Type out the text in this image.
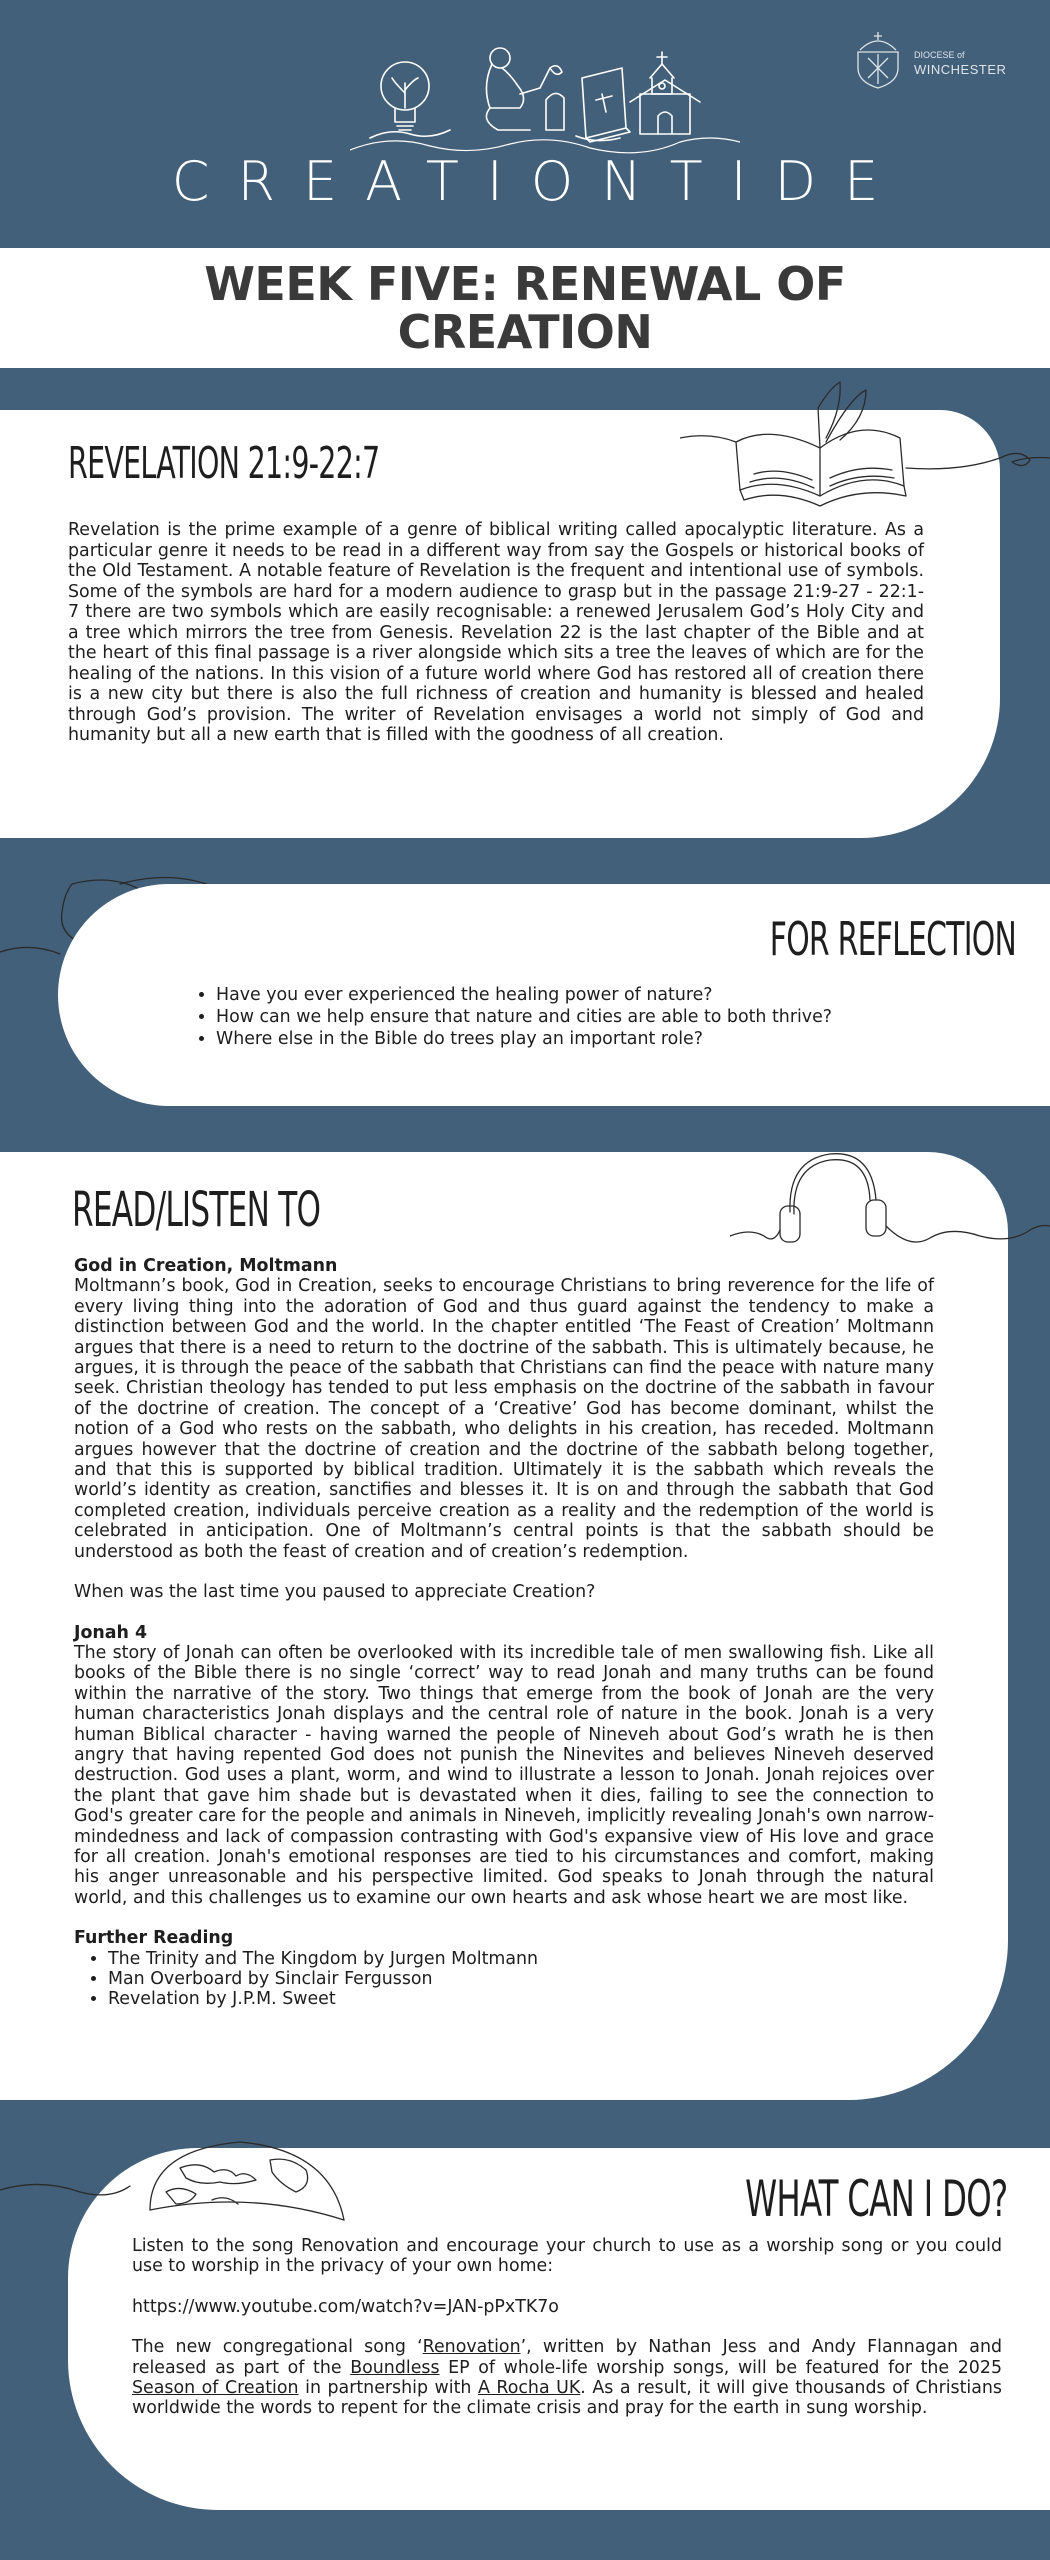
CREATIONTIDE
DIOCESE of
WINCHESTER
WEEK FIVE: RENEWAL OF
CREATION
REVELATION 21:9-22:7

Revelation is the prime example of a genre of biblical writing called apocalyptic literature. As a particular genre it needs to be read in a different way from say the Gospels or historical books of the Old Testament. A notable feature of Revelation is the frequent and intentional use of symbols. Some of the symbols are hard for a modern audience to grasp but in the passage 21:9-27 - 22:1-7 there are two symbols which are easily recognisable: a renewed Jerusalem God’s Holy City and a tree which mirrors the tree from Genesis. Revelation 22 is the last chapter of the Bible and at the heart of this final passage is a river alongside which sits a tree the leaves of which are for the healing of the nations. In this vision of a future world where God has restored all of creation there is a new city but there is also the full richness of creation and humanity is blessed and healed through God’s provision. The writer of Revelation envisages a world not simply of God and humanity but all a new earth that is filled with the goodness of all creation.

FOR REFLECTION
• Have you ever experienced the healing power of nature?
• How can we help ensure that nature and cities are able to both thrive?
• Where else in the Bible do trees play an important role?
READ/LISTEN TO

God in Creation, Moltmann

Moltmann’s book, God in Creation, seeks to encourage Christians to bring reverence for the life of every living thing into the adoration of God and thus guard against the tendency to make a distinction between God and the world. In the chapter entitled ‘The Feast of Creation’ Moltmann argues that there is a need to return to the doctrine of the sabbath. This is ultimately because, he argues, it is through the peace of the sabbath that Christians can find the peace with nature many seek. Christian theology has tended to put less emphasis on the doctrine of the sabbath in favour of the doctrine of creation. The concept of a ‘Creative’ God has become dominant, whilst the notion of a God who rests on the sabbath, who delights in his creation, has receded. Moltmann argues however that the doctrine of creation and the doctrine of the sabbath belong together, and that this is supported by biblical tradition. Ultimately it is the sabbath which reveals the world’s identity as creation, sanctifies and blesses it. It is on and through the sabbath that God completed creation, individuals perceive creation as a reality and the redemption of the world is celebrated in anticipation. One of Moltmann’s central points is that the sabbath should be understood as both the feast of creation and of creation’s redemption.

When was the last time you paused to appreciate Creation?

Jonah 4

The story of Jonah can often be overlooked with its incredible tale of men swallowing fish. Like all books of the Bible there is no single ‘correct’ way to read Jonah and many truths can be found within the narrative of the story. Two things that emerge from the book of Jonah are the very human characteristics Jonah displays and the central role of nature in the book. Jonah is a very human Biblical character - having warned the people of Nineveh about God’s wrath he is then angry that having repented God does not punish the Ninevites and believes Nineveh deserved destruction. God uses a plant, worm, and wind to illustrate a lesson to Jonah. Jonah rejoices over the plant that gave him shade but is devastated when it dies, failing to see the connection to God's greater care for the people and animals in Nineveh, implicitly revealing Jonah's own narrow-mindedness and lack of compassion contrasting with God's expansive view of His love and grace for all creation. Jonah's emotional responses are tied to his circumstances and comfort, making his anger unreasonable and his perspective limited. God speaks to Jonah through the natural world, and this challenges us to examine our own hearts and ask whose heart we are most like.

Further Reading

• The Trinity and The Kingdom by Jurgen Moltmann
• Man Overboard by Sinclair Fergusson
• Revelation by J.P.M. Sweet
WHAT CAN I DO?

Listen to the song Renovation and encourage your church to use as a worship song or you could use to worship in the privacy of your own home:

https://www.youtube.com/watch?v=JAN-pPxTK7o

The new congregational song ‘Renovation’, written by Nathan Jess and Andy Flannagan and released as part of the Boundless EP of whole-life worship songs, will be featured for the 2025 Season of Creation in partnership with A Rocha UK. As a result, it will give thousands of Christians worldwide the words to repent for the climate crisis and pray for the earth in sung worship.
